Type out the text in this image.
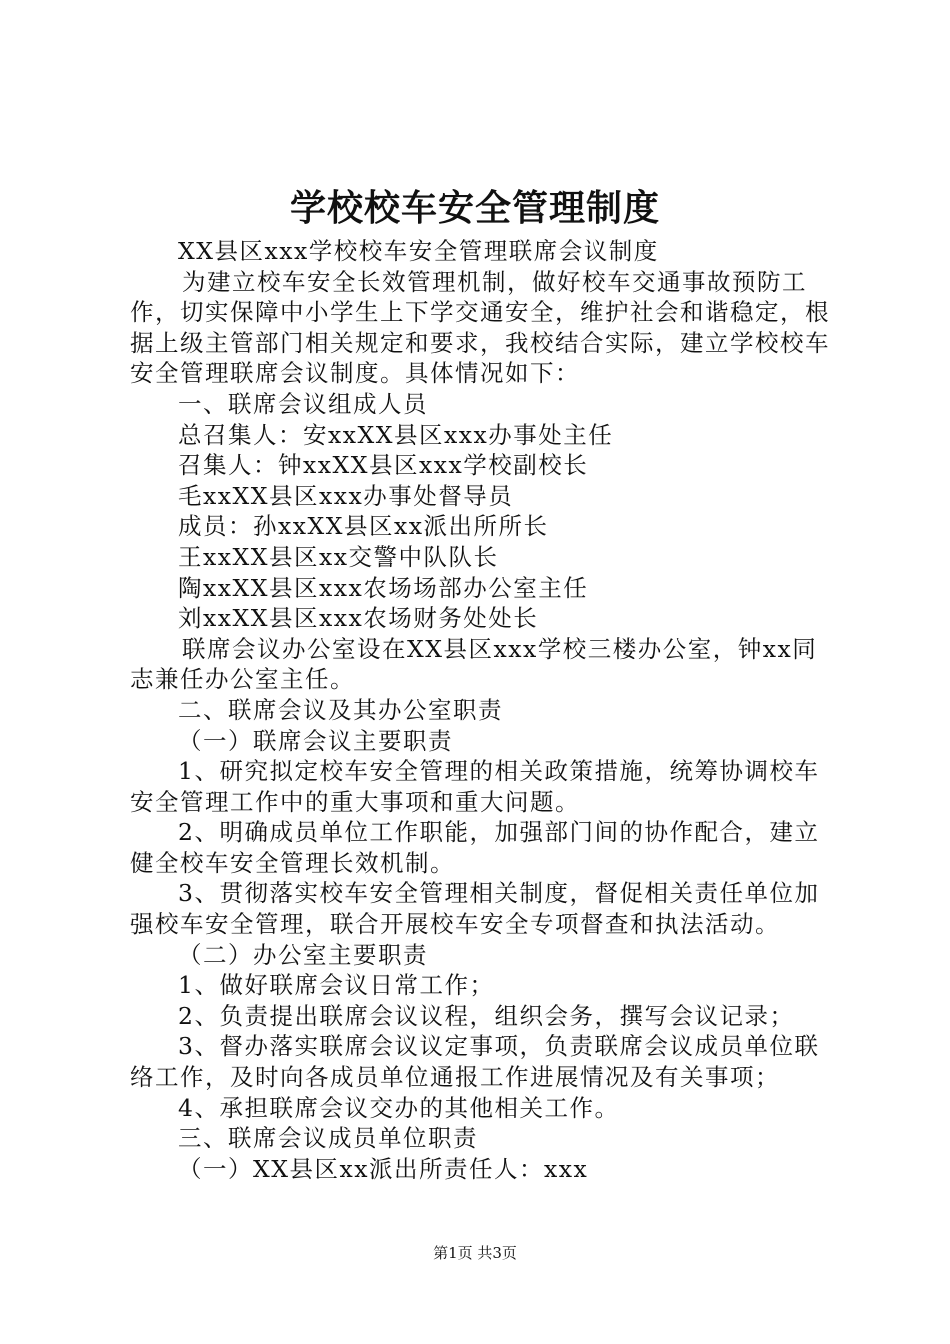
学校校车安全管理制度

XX县区xxx学校校车安全管理联席会议制度

为建立校车安全长效管理机制，做好校车交通事故预防工作，切实保障中小学生上下学交通安全，维护社会和谐稳定，根据上级主管部门相关规定和要求，我校结合实际，建立学校校车安全管理联席会议制度。具体情况如下：

一、联席会议组成人员

总召集人：安xxXX县区xxx办事处主任

召集人：钟xxXX县区xxx学校副校长

毛xxXX县区xxx办事处督导员

成员：孙xxXX县区xx派出所所长

王xxXX县区xx交警中队队长

陶xxXX县区xxx农场场部办公室主任

刘xxXX县区xxx农场财务处处长

联席会议办公室设在XX县区xxx学校三楼办公室，钟xx同志兼任办公室主任。

二、联席会议及其办公室职责

（一）联席会议主要职责

1、研究拟定校车安全管理的相关政策措施，统筹协调校车安全管理工作中的重大事项和重大问题。

2、明确成员单位工作职能，加强部门间的协作配合，建立健全校车安全管理长效机制。

3、贯彻落实校车安全管理相关制度，督促相关责任单位加强校车安全管理，联合开展校车安全专项督查和执法活动。

（二）办公室主要职责

1、做好联席会议日常工作；

2、负责提出联席会议议程，组织会务，撰写会议记录；

3、督办落实联席会议议定事项，负责联席会议成员单位联络工作，及时向各成员单位通报工作进展情况及有关事项；

4、承担联席会议交办的其他相关工作。

三、联席会议成员单位职责

（一）XX县区xx派出所责任人：xxx

第1页 共3页
